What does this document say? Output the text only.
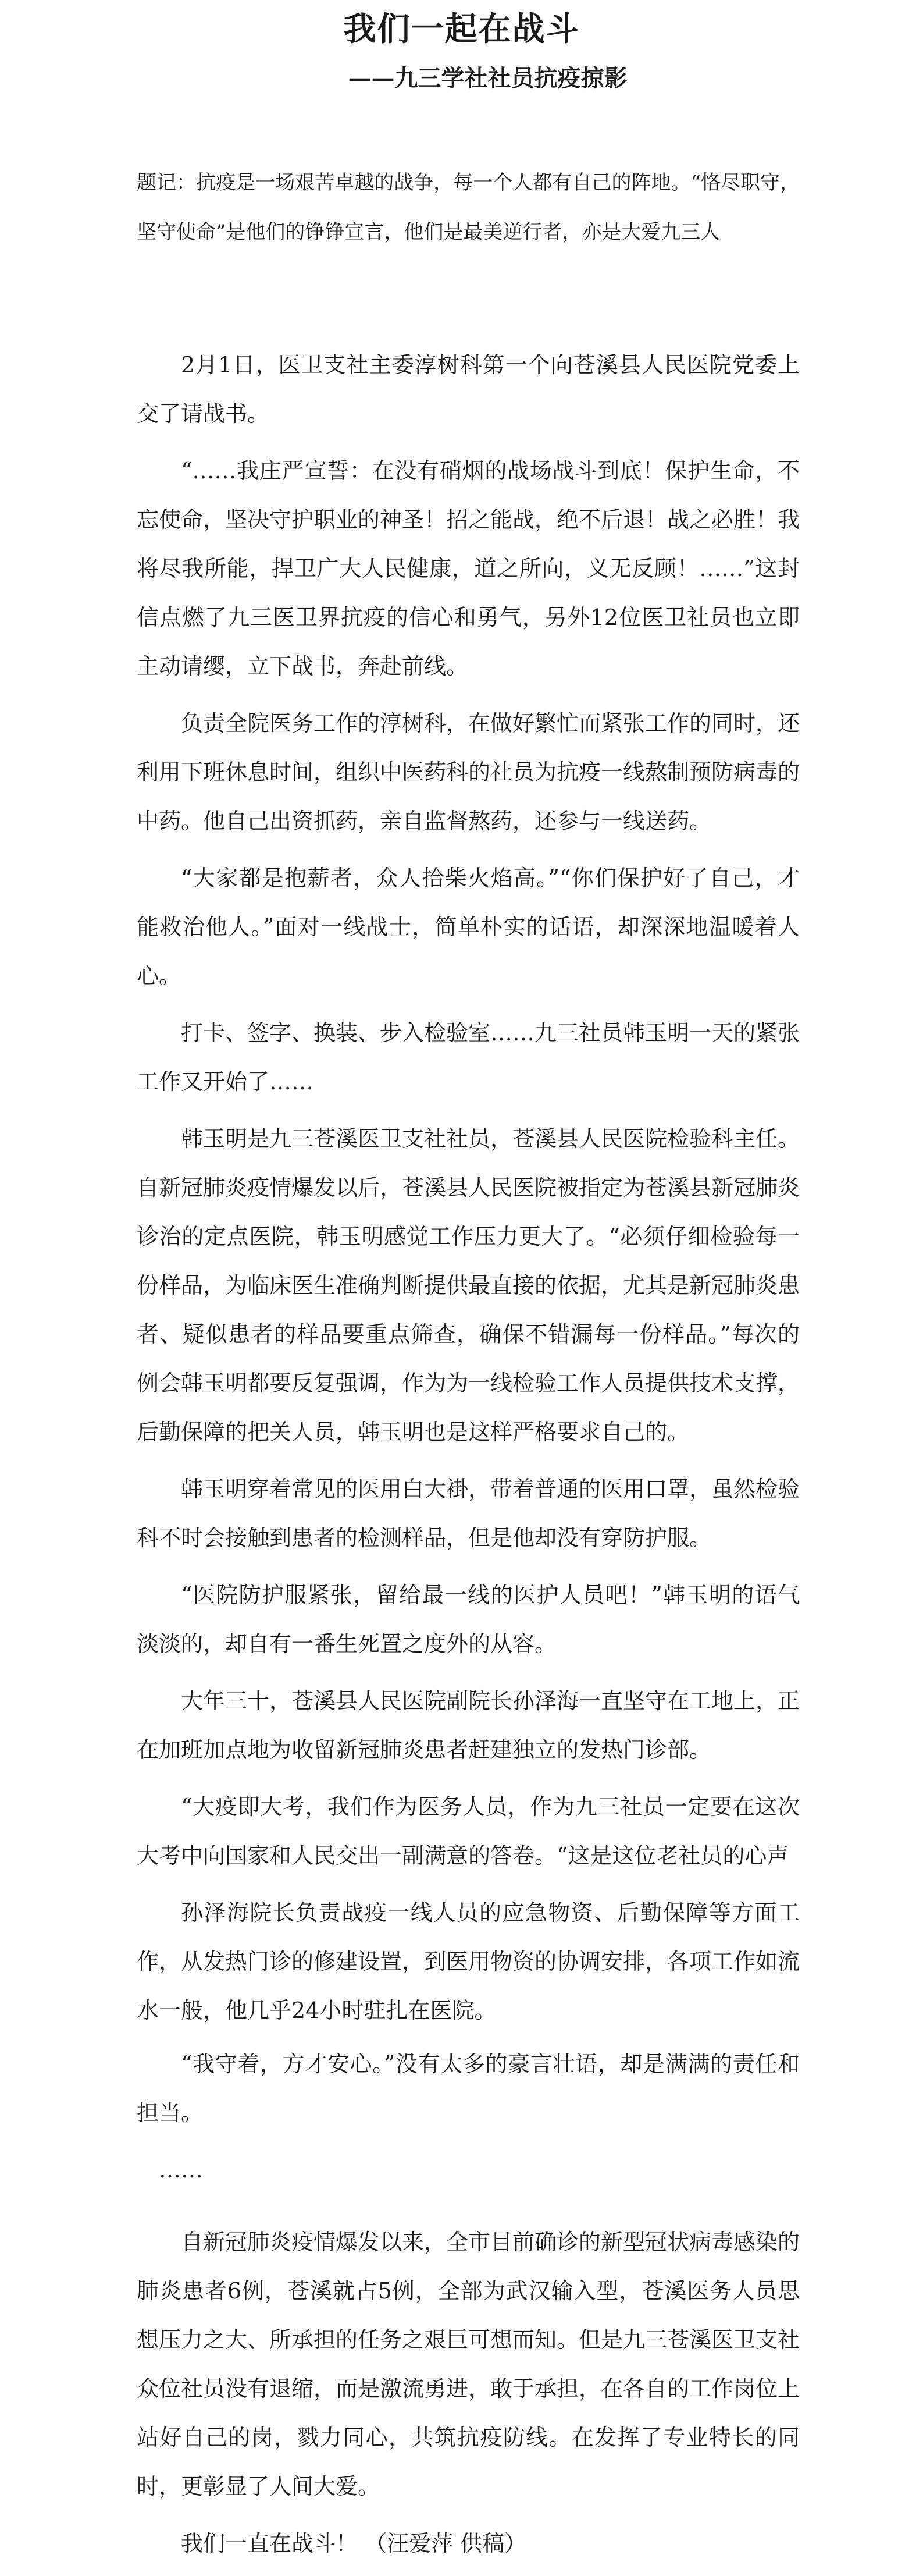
我们一起在战斗
——九三学社社员抗疫掠影

题记：抗疫是一场艰苦卓越的战争，每一个人都有自己的阵地。“恪尽职守，坚守使命”是他们的铮铮宣言，他们是最美逆行者，亦是大爱九三人

2月1日，医卫支社主委淳树科第一个向苍溪县人民医院党委上交了请战书。

“……我庄严宣誓：在没有硝烟的战场战斗到底！保护生命，不忘使命，坚决守护职业的神圣！招之能战，绝不后退！战之必胜！我将尽我所能，捍卫广大人民健康，道之所向，义无反顾！……”这封信点燃了九三医卫界抗疫的信心和勇气，另外12位医卫社员也立即主动请缨，立下战书，奔赴前线。

负责全院医务工作的淳树科，在做好繁忙而紧张工作的同时，还利用下班休息时间，组织中医药科的社员为抗疫一线熬制预防病毒的中药。他自己出资抓药，亲自监督熬药，还参与一线送药。

“大家都是抱薪者，众人拾柴火焰高。”“你们保护好了自己，才能救治他人。”面对一线战士，简单朴实的话语，却深深地温暖着人心。

打卡、签字、换装、步入检验室……九三社员韩玉明一天的紧张工作又开始了……

韩玉明是九三苍溪医卫支社社员，苍溪县人民医院检验科主任。自新冠肺炎疫情爆发以后，苍溪县人民医院被指定为苍溪县新冠肺炎诊治的定点医院，韩玉明感觉工作压力更大了。“必须仔细检验每一份样品，为临床医生准确判断提供最直接的依据，尤其是新冠肺炎患者、疑似患者的样品要重点筛查，确保不错漏每一份样品。”每次的例会韩玉明都要反复强调，作为为一线检验工作人员提供技术支撑，后勤保障的把关人员，韩玉明也是这样严格要求自己的。

韩玉明穿着常见的医用白大褂，带着普通的医用口罩，虽然检验科不时会接触到患者的检测样品，但是他却没有穿防护服。

“医院防护服紧张，留给最一线的医护人员吧！”韩玉明的语气淡淡的，却自有一番生死置之度外的从容。

大年三十，苍溪县人民医院副院长孙泽海一直坚守在工地上，正在加班加点地为收留新冠肺炎患者赶建独立的发热门诊部。

“大疫即大考，我们作为医务人员，作为九三社员一定要在这次大考中向国家和人民交出一副满意的答卷。“这是这位老社员的心声

孙泽海院长负责战疫一线人员的应急物资、后勤保障等方面工作，从发热门诊的修建设置，到医用物资的协调安排，各项工作如流水一般，他几乎24小时驻扎在医院。

“我守着，方才安心。”没有太多的豪言壮语，却是满满的责任和担当。

……

自新冠肺炎疫情爆发以来，全市目前确诊的新型冠状病毒感染的肺炎患者6例，苍溪就占5例，全部为武汉输入型，苍溪医务人员思想压力之大、所承担的任务之艰巨可想而知。但是九三苍溪医卫支社众位社员没有退缩，而是激流勇进，敢于承担，在各自的工作岗位上站好自己的岗，戮力同心，共筑抗疫防线。在发挥了专业特长的同时，更彰显了人间大爱。

我们一直在战斗！ （汪爱萍 供稿）
